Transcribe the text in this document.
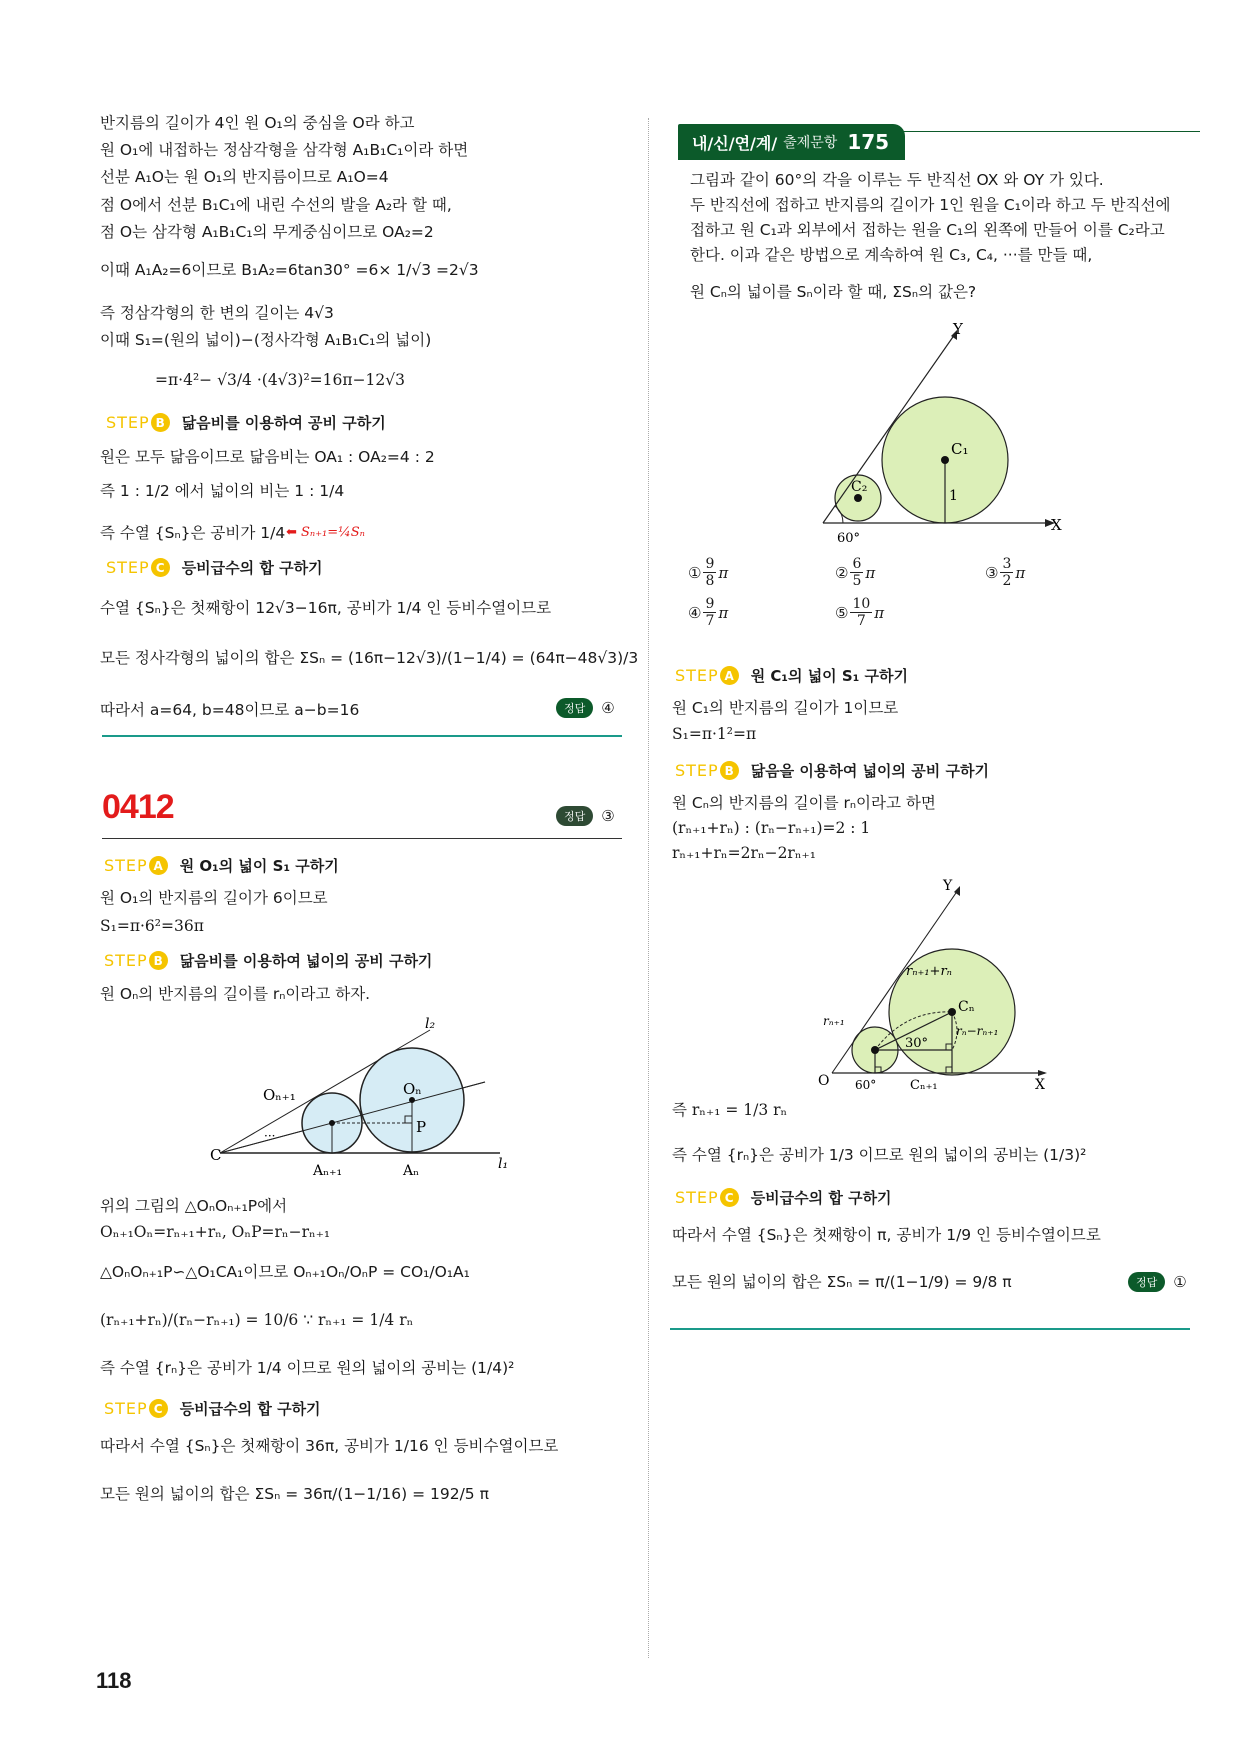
반지름의 길이가 4인 원 O₁의 중심을 O라 하고
원 O₁에 내접하는 정삼각형을 삼각형 A₁B₁C₁이라 하면
선분 A₁O는 원 O₁의 반지름이므로 A₁O=4
점 O에서 선분 B₁C₁에 내린 수선의 발을 A₂라 할 때,
점 O는 삼각형 A₁B₁C₁의 무게중심이므로 OA₂=2
이때 A₁A₂=6이므로 B₁A₂=6tan30° =6× 1/√3 =2√3
즉 정삼각형의 한 변의 길이는 4√3
이때 S₁=(원의 넓이)−(정사각형 A₁B₁C₁의 넓이)
=π·4²− √3/4 ·(4√3)²=16π−12√3
STEP B	닮음비를 이용하여 공비 구하기
원은 모두 닮음이므로 닮음비는 OA₁ : OA₂=4 : 2
즉 1 : 1/2 에서 넓이의 비는 1 : 1/4
즉 수열 {Sₙ}은 공비가 1/4 ⬅ Sₙ₊₁=¼Sₙ
STEP C	등비급수의 합 구하기
수열 {Sₙ}은 첫째항이 12√3−16π, 공비가 1/4 인 등비수열이므로
모든 정사각형의 넓이의 합은 ΣSₙ = (16π−12√3)/(1−1/4) = (64π−48√3)/3
따라서 a=64, b=48이므로 a−b=16	정답	④
0412	정답	③
STEP A	원 O₁의 넓이 S₁ 구하기
원 O₁의 반지름의 길이가 6이므로
S₁=π·6²=36π
STEP B	닮음비를 이용하여 넓이의 공비 구하기
원 Oₙ의 반지름의 길이를 rₙ이라고 하자.
C
Oₙ₊₁	Oₙ
P
Aₙ₊₁	Aₙ
l₂
l₁
···
위의 그림의 △OₙOₙ₊₁P에서
Oₙ₊₁Oₙ=rₙ₊₁+rₙ, OₙP=rₙ−rₙ₊₁
△OₙOₙ₊₁P∽△O₁CA₁이므로 Oₙ₊₁Oₙ/OₙP = CO₁/O₁A₁
(rₙ₊₁+rₙ)/(rₙ−rₙ₊₁) = 10/6 ∵ rₙ₊₁ = 1/4 rₙ
즉 수열 {rₙ}은 공비가 1/4 이므로 원의 넓이의 공비는 (1/4)²
STEP C	등비급수의 합 구하기
따라서 수열 {Sₙ}은 첫째항이 36π, 공비가 1/16 인 등비수열이므로
모든 원의 넓이의 합은 ΣSₙ = 36π/(1−1/16) = 192/5 π
내/신/연/계/ 출제문항 175
그림과 같이 60°의 각을 이루는 두 반직선 OX 와 OY 가 있다.
두 반직선에 접하고 반지름의 길이가 1인 원을 C₁이라 하고 두 반직선에
접하고 원 C₁과 외부에서 접하는 원을 C₁의 왼쪽에 만들어 이를 C₂라고
한다. 이과 같은 방법으로 계속하여 원 C₃, C₄, ···를 만들 때,
원 Cₙ의 넓이를 Sₙ이라 할 때, ΣSₙ의 값은?
C₁
C₂
1
60°
X
Y
① $\frac{9}{8}$ π	② $\frac{6}{5}$ π	③ $\frac{3}{2}$ π
④ $\frac{9}{7}$ π	⑤ $\frac{10}{7}$ π
STEP A	원 C₁의 넓이 S₁ 구하기
원 C₁의 반지름의 길이가 1이므로
S₁=π·1²=π
STEP B	닮음을 이용하여 넓이의 공비 구하기
원 Cₙ의 반지름의 길이를 rₙ이라고 하면
(rₙ₊₁+rₙ) : (rₙ−rₙ₊₁)=2 : 1
rₙ₊₁+rₙ=2rₙ−2rₙ₊₁
Cₙ
rₙ₊₁+rₙ
rₙ−rₙ₊₁
rₙ₊₁
30°
60°
O	Cₙ₊₁	X
Y
즉 rₙ₊₁ = 1/3 rₙ
즉 수열 {rₙ}은 공비가 1/3 이므로 원의 넓이의 공비는 (1/3)²
STEP C	등비급수의 합 구하기
따라서 수열 {Sₙ}은 첫째항이 π, 공비가 1/9 인 등비수열이므로
모든 원의 넓이의 합은 ΣSₙ = π/(1−1/9) = 9/8 π	정답	①
118
